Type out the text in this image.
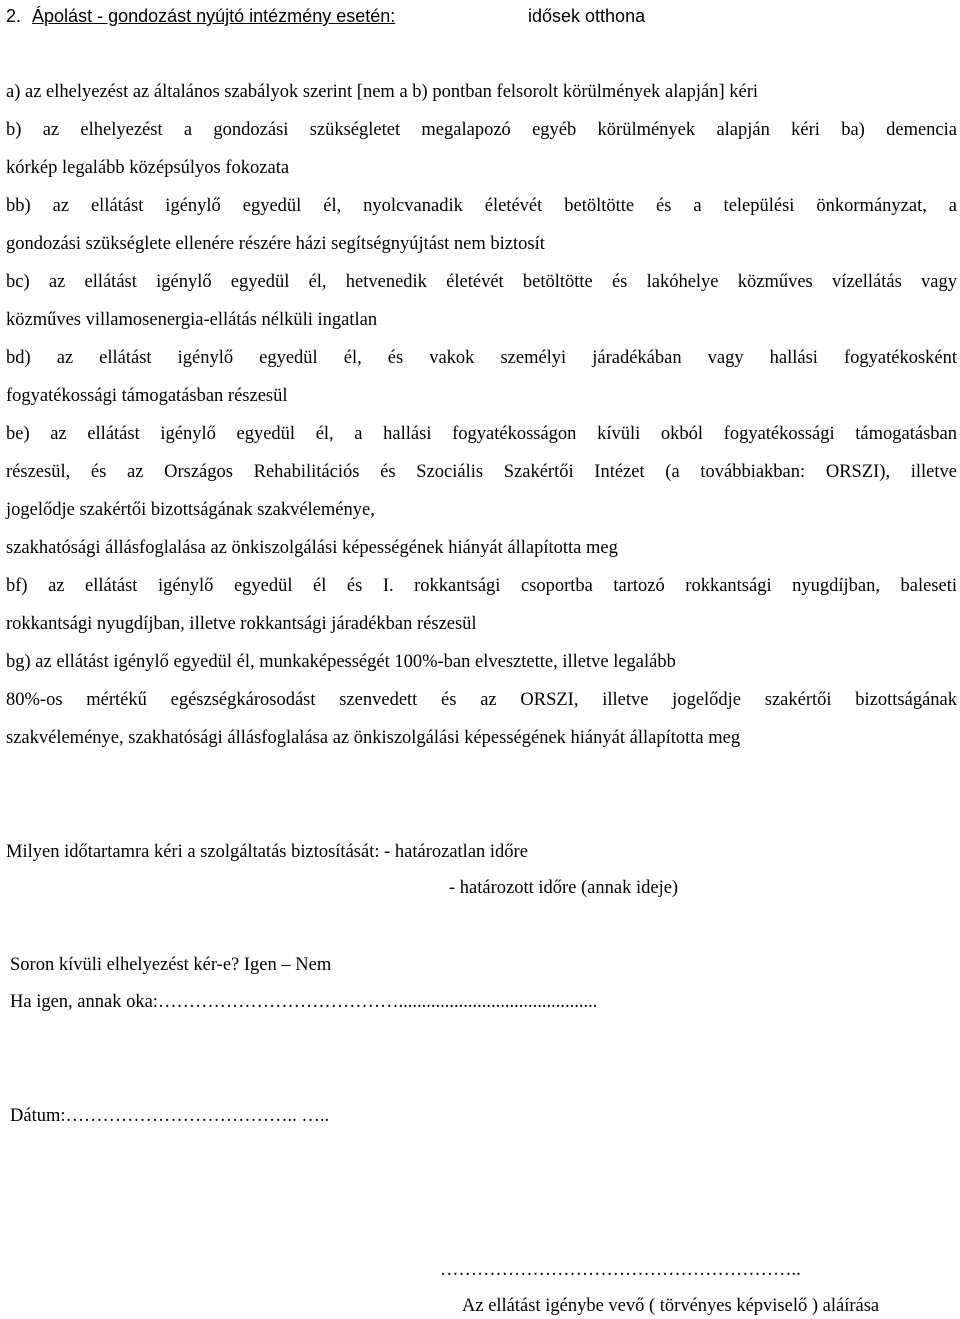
2. Ápolást - gondozást nyújtó intézmény esetén:	idősek otthona
a) az elhelyezést az általános szabályok szerint [nem a b) pontban felsorolt körülmények alapján] kéri
b) az elhelyezést a gondozási szükségletet megalapozó egyéb körülmények alapján kéri ba) demencia
kórkép legalább középsúlyos fokozata
bb) az ellátást igénylő egyedül él, nyolcvanadik életévét betöltötte és a települési önkormányzat, a
gondozási szükséglete ellenére részére házi segítségnyújtást nem biztosít
bc) az ellátást igénylő egyedül él, hetvenedik életévét betöltötte és lakóhelye közműves vízellátás vagy
közműves villamosenergia-ellátás nélküli ingatlan
bd) az ellátást igénylő egyedül él, és vakok személyi járadékában vagy hallási fogyatékosként
fogyatékossági támogatásban részesül
be) az ellátást igénylő egyedül él, a hallási fogyatékosságon kívüli okból fogyatékossági támogatásban
részesül, és az Országos Rehabilitációs és Szociális Szakértői Intézet (a továbbiakban: ORSZI), illetve
jogelődje szakértői bizottságának szakvéleménye,
szakhatósági állásfoglalása az önkiszolgálási képességének hiányát állapította meg
bf) az ellátást igénylő egyedül él és I. rokkantsági csoportba tartozó rokkantsági nyugdíjban, baleseti
rokkantsági nyugdíjban, illetve rokkantsági járadékban részesül
bg) az ellátást igénylő egyedül él, munkaképességét 100%-ban elvesztette, illetve legalább
80%-os mértékű egészségkárosodást szenvedett és az ORSZI, illetve jogelődje szakértői bizottságának
szakvéleménye, szakhatósági állásfoglalása az önkiszolgálási képességének hiányát állapította meg
Milyen időtartamra kéri a szolgáltatás biztosítását: - határozatlan időre
- határozott időre (annak ideje)
Soron kívüli elhelyezést kér-e? Igen – Nem
Ha igen, annak oka:…………………………………...........................................
Dátum:……………………………….. …..
…………………………………………………..
Az ellátást igénybe vevő ( törvényes képviselő ) aláírása
